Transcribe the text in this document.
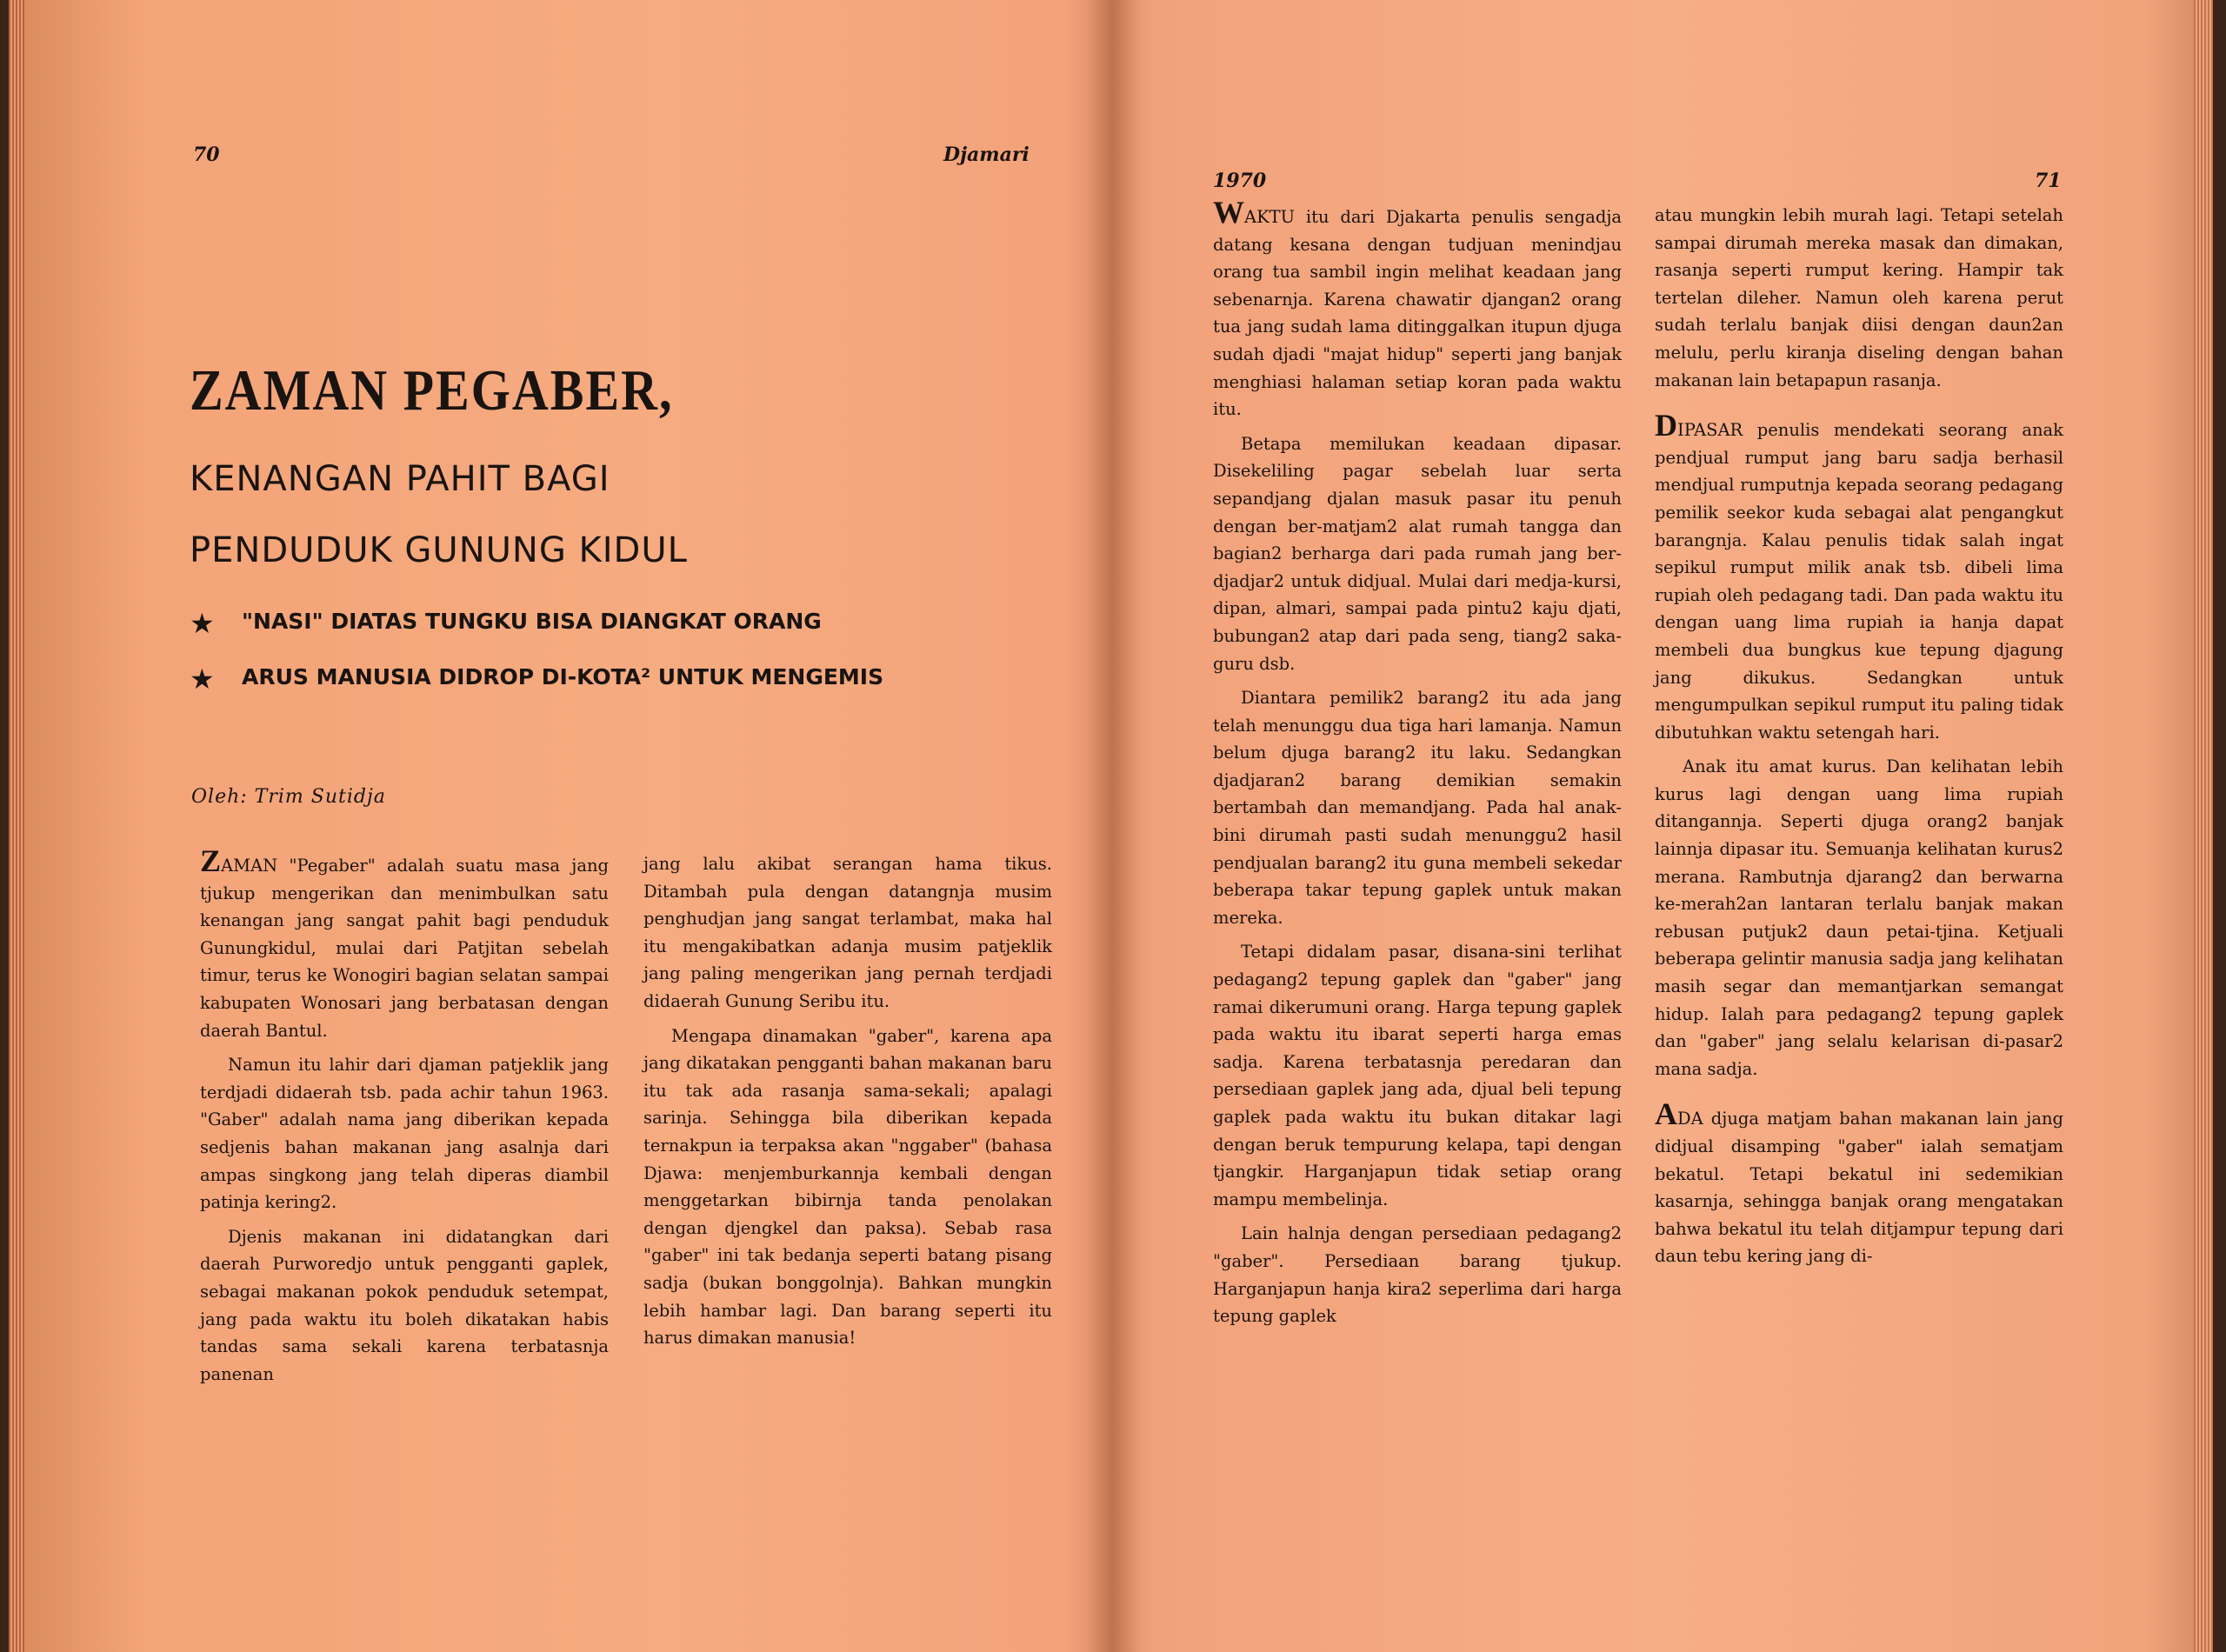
70	Djamari
ZAMAN PEGABER,
KENANGAN PAHIT BAGI
PENDUDUK GUNUNG KIDUL
★	"NASI" DIATAS TUNGKU BISA DIANGKAT ORANG
★	ARUS MANUSIA DIDROP DI-KOTA² UNTUK MENGEMIS
Oleh: Trim Sutidja

ZAMAN "Pegaber" adalah suatu masa jang tjukup mengerikan dan menimbulkan satu kenangan jang sangat pahit bagi penduduk Gunungkidul, mulai dari Patjitan sebelah timur, terus ke Wonogiri bagian selatan sampai kabupaten Wonosari jang berbatasan dengan daerah Bantul.

Namun itu lahir dari djaman patjeklik jang terdjadi didaerah tsb. pada achir tahun 1963. "Gaber" adalah nama jang diberikan kepada sedjenis bahan makanan jang asalnja dari ampas singkong jang telah diperas diambil patinja kering2.

Djenis makanan ini didatangkan dari daerah Purworedjo untuk pengganti gaplek, sebagai makanan pokok penduduk setempat, jang pada waktu itu boleh dikatakan habis tandas sama sekali karena terbatasnja panenan

jang lalu akibat serangan hama tikus. Ditambah pula dengan datangnja musim penghudjan jang sangat terlambat, maka hal itu mengakibatkan adanja musim patjeklik jang paling mengerikan jang pernah terdjadi didaerah Gunung Seribu itu.

Mengapa dinamakan "gaber", karena apa jang dikatakan pengganti bahan makanan baru itu tak ada rasanja sama-sekali; apalagi sarinja. Sehingga bila diberikan kepada ternakpun ia terpaksa akan "nggaber" (bahasa Djawa: menjemburkannja kembali dengan menggetarkan bibirnja tanda penolakan dengan djengkel dan paksa). Sebab rasa "gaber" ini tak bedanja seperti batang pisang sadja (bukan bonggolnja). Bahkan mungkin lebih hambar lagi. Dan barang seperti itu harus dimakan manusia!

1970	71

WAKTU itu dari Djakarta penulis sengadja datang kesana dengan tudjuan menindjau orang tua sambil ingin melihat keadaan jang sebenarnja. Karena chawatir djangan2 orang tua jang sudah lama ditinggalkan itupun djuga sudah djadi "majat hidup" seperti jang banjak menghiasi halaman setiap koran pada waktu itu.

Betapa memilukan keadaan dipasar. Disekeliling pagar sebelah luar serta sepandjang djalan masuk pasar itu penuh dengan ber-matjam2 alat rumah tangga dan bagian2 berharga dari pada rumah jang ber-djadjar2 untuk didjual. Mulai dari medja-kursi, dipan, almari, sampai pada pintu2 kaju djati, bubungan2 atap dari pada seng, tiang2 saka-guru dsb.

Diantara pemilik2 barang2 itu ada jang telah menunggu dua tiga hari lamanja. Namun belum djuga barang2 itu laku. Sedangkan djadjaran2 barang demikian semakin bertambah dan memandjang. Pada hal anak-bini dirumah pasti sudah menunggu2 hasil pendjualan barang2 itu guna membeli sekedar beberapa takar tepung gaplek untuk makan mereka.

Tetapi didalam pasar, disana-sini terlihat pedagang2 tepung gaplek dan "gaber" jang ramai dikerumuni orang. Harga tepung gaplek pada waktu itu ibarat seperti harga emas sadja. Karena terbatasnja peredaran dan persediaan gaplek jang ada, djual beli tepung gaplek pada waktu itu bukan ditakar lagi dengan beruk tempurung kelapa, tapi dengan tjangkir. Harganjapun tidak setiap orang mampu membelinja.

Lain halnja dengan persediaan pedagang2 "gaber". Persediaan barang tjukup. Harganjapun hanja kira2 seperlima dari harga tepung gaplek

atau mungkin lebih murah lagi. Tetapi setelah sampai dirumah mereka masak dan dimakan, rasanja seperti rumput kering. Hampir tak tertelan dileher. Namun oleh karena perut sudah terlalu banjak diisi dengan daun2an melulu, perlu kiranja diseling dengan bahan makanan lain betapapun rasanja.

DIPASAR penulis mendekati seorang anak pendjual rumput jang baru sadja berhasil mendjual rumputnja kepada seorang pedagang pemilik seekor kuda sebagai alat pengangkut barangnja. Kalau penulis tidak salah ingat sepikul rumput milik anak tsb. dibeli lima rupiah oleh pedagang tadi. Dan pada waktu itu dengan uang lima rupiah ia hanja dapat membeli dua bungkus kue tepung djagung jang dikukus. Sedangkan untuk mengumpulkan sepikul rumput itu paling tidak dibutuhkan waktu setengah hari.

Anak itu amat kurus. Dan kelihatan lebih kurus lagi dengan uang lima rupiah ditangannja. Seperti djuga orang2 banjak lainnja dipasar itu. Semuanja kelihatan kurus2 merana. Rambutnja djarang2 dan berwarna ke-merah2an lantaran terlalu banjak makan rebusan putjuk2 daun petai-tjina. Ketjuali beberapa gelintir manusia sadja jang kelihatan masih segar dan memantjarkan semangat hidup. Ialah para pedagang2 tepung gaplek dan "gaber" jang selalu kelarisan di-pasar2 mana sadja.

ADA djuga matjam bahan makanan lain jang didjual disamping "gaber" ialah sematjam bekatul. Tetapi bekatul ini sedemikian kasarnja, sehingga banjak orang mengatakan bahwa bekatul itu telah ditjampur tepung dari daun tebu kering jang di-
